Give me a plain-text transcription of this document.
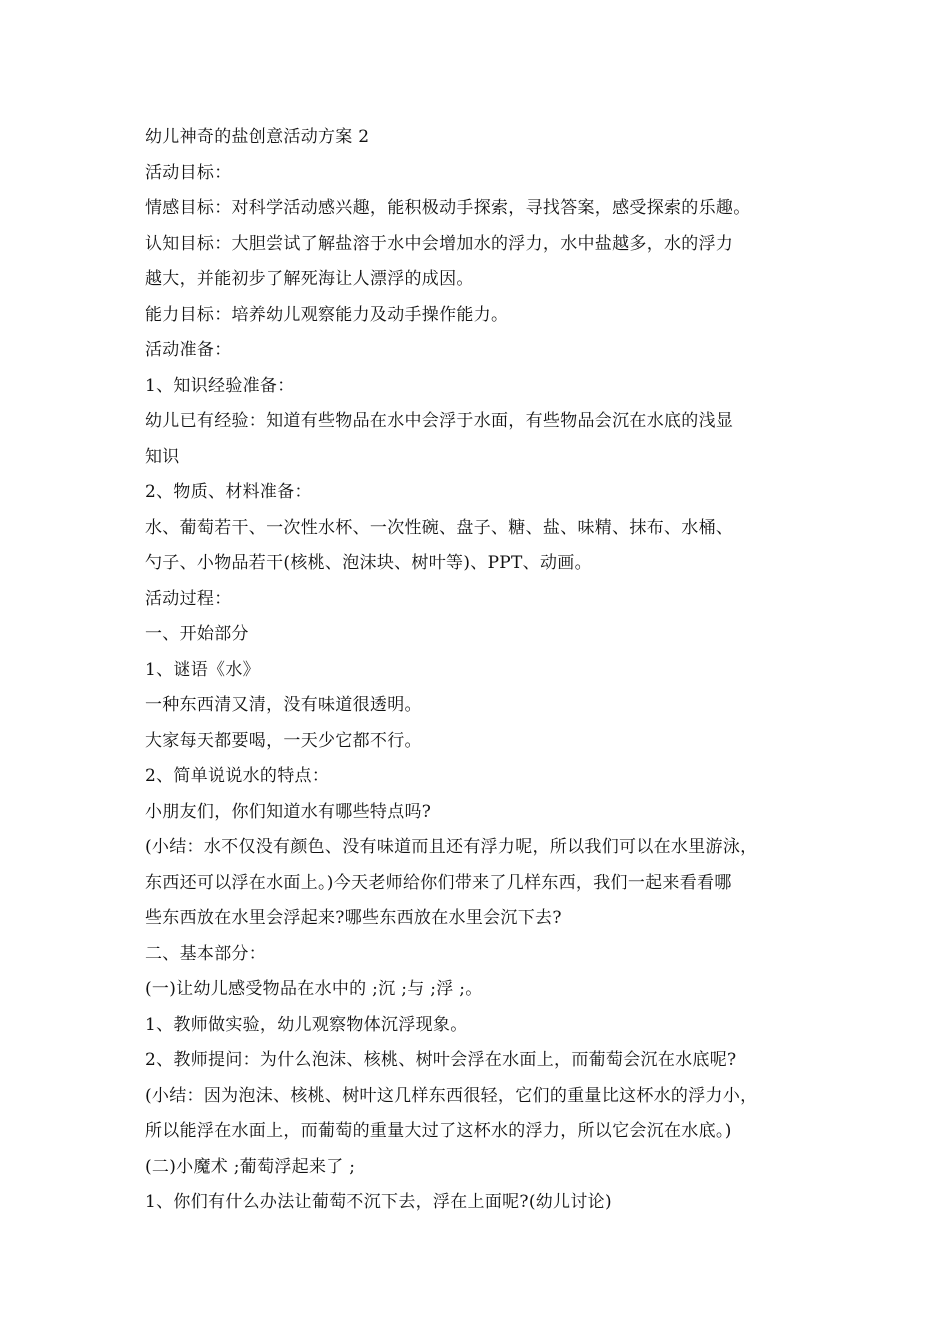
幼儿神奇的盐创意活动方案 2
活动目标：
情感目标：对科学活动感兴趣，能积极动手探索，寻找答案，感受探索的乐趣。
认知目标：大胆尝试了解盐溶于水中会增加水的浮力，水中盐越多，水的浮力
越大，并能初步了解死海让人漂浮的成因。
能力目标：培养幼儿观察能力及动手操作能力。
活动准备：
1、知识经验准备：
幼儿已有经验：知道有些物品在水中会浮于水面，有些物品会沉在水底的浅显
知识
2、物质、材料准备：
水、葡萄若干、一次性水杯、一次性碗、盘子、糖、盐、味精、抹布、水桶、
勺子、小物品若干(核桃、泡沫块、树叶等)、PPT、动画。
活动过程：
一、开始部分
1、谜语《水》
一种东西清又清，没有味道很透明。
大家每天都要喝，一天少它都不行。
2、简单说说水的特点：
小朋友们，你们知道水有哪些特点吗?
(小结：水不仅没有颜色、没有味道而且还有浮力呢，所以我们可以在水里游泳，
东西还可以浮在水面上。)今天老师给你们带来了几样东西，我们一起来看看哪
些东西放在水里会浮起来?哪些东西放在水里会沉下去?
二、基本部分：
(一)让幼儿感受物品在水中的 ;沉 ;与 ;浮 ;。
1、教师做实验，幼儿观察物体沉浮现象。
2、教师提问：为什么泡沫、核桃、树叶会浮在水面上，而葡萄会沉在水底呢?
(小结：因为泡沫、核桃、树叶这几样东西很轻，它们的重量比这杯水的浮力小，
所以能浮在水面上，而葡萄的重量大过了这杯水的浮力，所以它会沉在水底。)
(二)小魔术 ;葡萄浮起来了 ;
1、你们有什么办法让葡萄不沉下去，浮在上面呢?(幼儿讨论)
